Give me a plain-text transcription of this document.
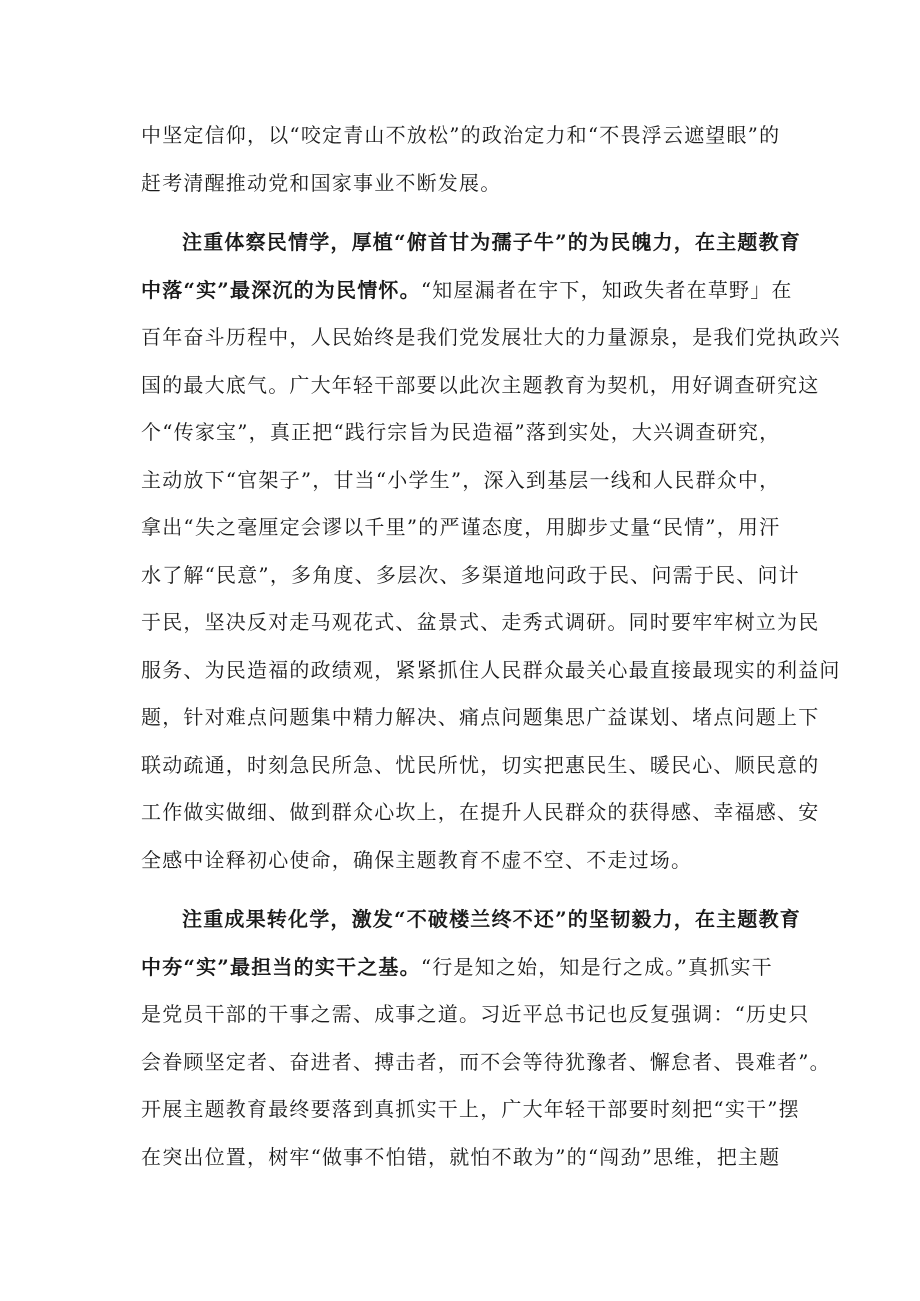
中坚定信仰，以“咬定青山不放松”的政治定力和“不畏浮云遮望眼”的
赶考清醒推动党和国家事业不断发展。
注重体察民情学，厚植“俯首甘为孺子牛”的为民魄力，在主题教育
中落“实”最深沉的为民情怀。“知屋漏者在宇下，知政失者在草野」在
百年奋斗历程中，人民始终是我们党发展壮大的力量源泉，是我们党执政兴
国的最大底气。广大年轻干部要以此次主题教育为契机，用好调查研究这
个“传家宝”，真正把“践行宗旨为民造福”落到实处，大兴调查研究，
主动放下“官架子”，甘当“小学生”，深入到基层一线和人民群众中，
拿出“失之毫厘定会谬以千里”的严谨态度，用脚步丈量“民情”，用汗
水了解“民意”，多角度、多层次、多渠道地问政于民、问需于民、问计
于民，坚决反对走马观花式、盆景式、走秀式调研。同时要牢牢树立为民
服务、为民造福的政绩观，紧紧抓住人民群众最关心最直接最现实的利益问
题，针对难点问题集中精力解决、痛点问题集思广益谋划、堵点问题上下
联动疏通，时刻急民所急、忧民所忧，切实把惠民生、暖民心、顺民意的
工作做实做细、做到群众心坎上，在提升人民群众的获得感、幸福感、安
全感中诠释初心使命，确保主题教育不虚不空、不走过场。
注重成果转化学，激发“不破楼兰终不还”的坚韧毅力，在主题教育
中夯“实”最担当的实干之基。“行是知之始，知是行之成。”真抓实干
是党员干部的干事之需、成事之道。习近平总书记也反复强调：“历史只
会眷顾坚定者、奋进者、搏击者，而不会等待犹豫者、懈怠者、畏难者”。
开展主题教育最终要落到真抓实干上，广大年轻干部要时刻把“实干”摆
在突出位置，树牢“做事不怕错，就怕不敢为”的“闯劲”思维，把主题
